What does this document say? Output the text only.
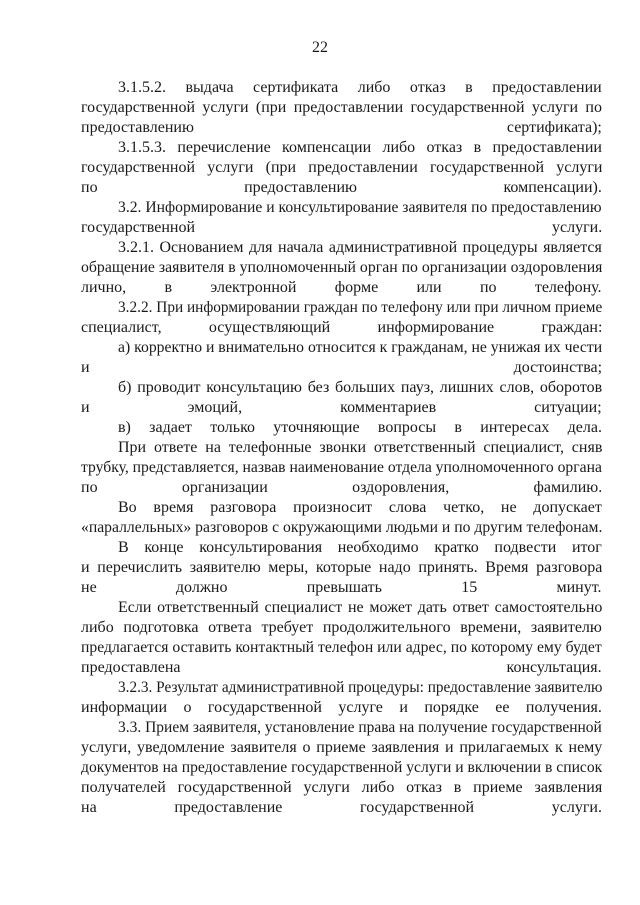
22

3.1.5.2. выдача сертификата либо отказ в предоставлении

государственной услуги (при предоставлении государственной услуги по

предоставлению сертификата);

3.1.5.3. перечисление компенсации либо отказ в предоставлении

государственной услуги (при предоставлении государственной услуги

по предоставлению компенсации).

3.2. Информирование и консультирование заявителя по предоставлению

государственной услуги.

3.2.1. Основанием для начала административной процедуры является

обращение заявителя в уполномоченный орган по организации оздоровления

лично, в электронной форме или по телефону.

3.2.2. При информировании граждан по телефону или при личном приеме

специалист, осуществляющий информирование граждан:

а) корректно и внимательно относится к гражданам, не унижая их чести

и достоинства;

б) проводит консультацию без больших пауз, лишних слов, оборотов

и эмоций, комментариев ситуации;

в) задает только уточняющие вопросы в интересах дела.

При ответе на телефонные звонки ответственный специалист, сняв

трубку, представляется, назвав наименование отдела уполномоченного органа

по организации оздоровления, фамилию.

Во время разговора произносит слова четко, не допускает

«параллельных» разговоров с окружающими людьми и по другим телефонам.

В конце консультирования необходимо кратко подвести итог

и перечислить заявителю меры, которые надо принять. Время разговора

не должно превышать 15 минут.

Если ответственный специалист не может дать ответ самостоятельно

либо подготовка ответа требует продолжительного времени, заявителю

предлагается оставить контактный телефон или адрес, по которому ему будет

предоставлена консультация.

3.2.3. Результат административной процедуры: предоставление заявителю

информации о государственной услуге и порядке ее получения.

3.3. Прием заявителя, установление права на получение государственной

услуги, уведомление заявителя о приеме заявления и прилагаемых к нему

документов на предоставление государственной услуги и включении в список

получателей государственной услуги либо отказ в приеме заявления

на предоставление государственной услуги.
